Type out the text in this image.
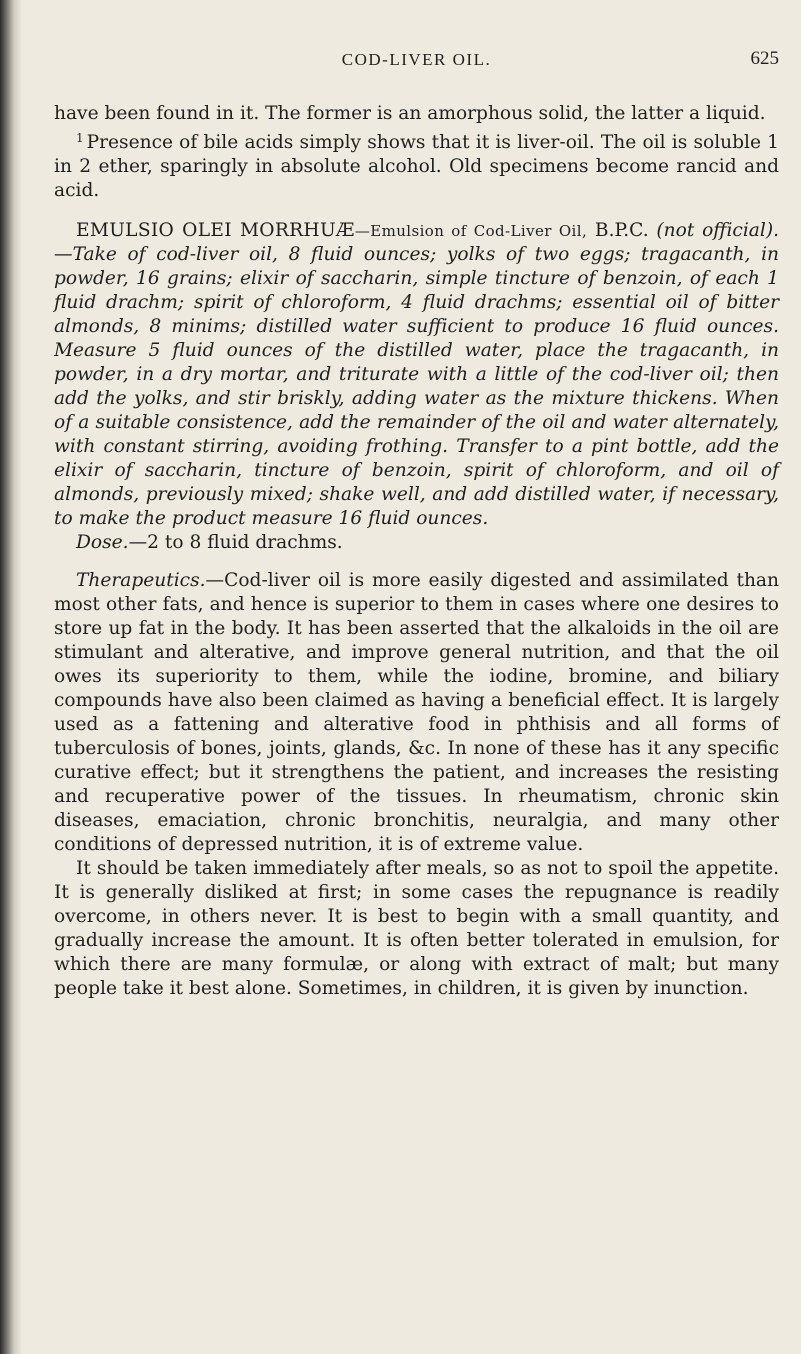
COD-LIVER OIL.	625

have been found in it. The former is an amorphous solid, the latter a liquid.

$^1$ Presence of bile acids simply shows that it is liver-oil. The oil is soluble 1 in 2 ether, sparingly in absolute alcohol. Old specimens become rancid and acid.

EMULSIO OLEI MORRHUÆ—Emulsion of Cod-Liver Oil, B.P.C. (not official).—Take of cod-liver oil, 8 fluid ounces; yolks of two eggs; tragacanth, in powder, 16 grains; elixir of saccharin, simple tincture of benzoin, of each 1 fluid drachm; spirit of chloroform, 4 fluid drachms; essential oil of bitter almonds, 8 minims; distilled water sufficient to produce 16 fluid ounces. Measure 5 fluid ounces of the distilled water, place the tragacanth, in powder, in a dry mortar, and triturate with a little of the cod-liver oil; then add the yolks, and stir briskly, adding water as the mixture thickens. When of a suitable consistence, add the remainder of the oil and water alternately, with constant stirring, avoiding frothing. Transfer to a pint bottle, add the elixir of saccharin, tincture of benzoin, spirit of chloroform, and oil of almonds, previously mixed; shake well, and add distilled water, if necessary, to make the product measure 16 fluid ounces.

Dose.—2 to 8 fluid drachms.

Therapeutics.—Cod-liver oil is more easily digested and assimilated than most other fats, and hence is superior to them in cases where one desires to store up fat in the body. It has been asserted that the alkaloids in the oil are stimulant and alterative, and improve general nutrition, and that the oil owes its superiority to them, while the iodine, bromine, and biliary compounds have also been claimed as having a beneficial effect. It is largely used as a fattening and alterative food in phthisis and all forms of tuberculosis of bones, joints, glands, &c. In none of these has it any specific curative effect; but it strengthens the patient, and increases the resisting and recuperative power of the tissues. In rheumatism, chronic skin diseases, emaciation, chronic bronchitis, neuralgia, and many other conditions of depressed nutrition, it is of extreme value.

It should be taken immediately after meals, so as not to spoil the appetite. It is generally disliked at first; in some cases the repugnance is readily overcome, in others never. It is best to begin with a small quantity, and gradually increase the amount. It is often better tolerated in emulsion, for which there are many formulæ, or along with extract of malt; but many people take it best alone. Sometimes, in children, it is given by inunction.
